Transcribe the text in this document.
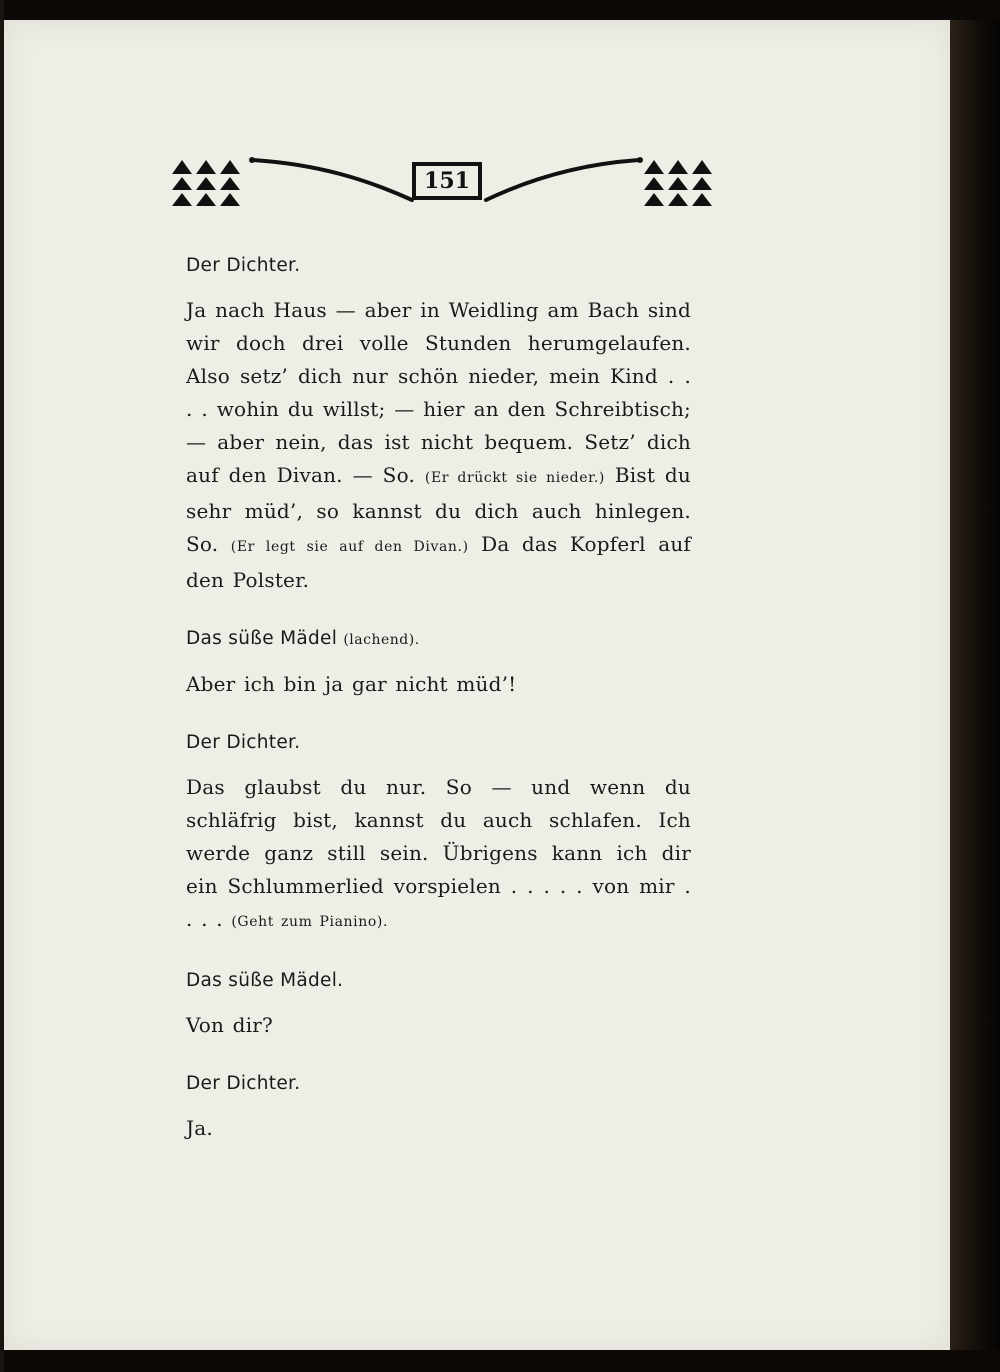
151

Der Dichter.

Ja nach Haus — aber in Weidling am Bach sind wir doch drei volle Stunden herumgelaufen. Also setz’ dich nur schön nieder, mein Kind . . . . wohin du willst; — hier an den Schreibtisch; — aber nein, das ist nicht bequem. Setz’ dich auf den Divan. — So. (Er drückt sie nieder.) Bist du sehr müd’, so kannst du dich auch hinlegen. So. (Er legt sie auf den Divan.) Da das Kopferl auf den Polster.

Das süße Mädel (lachend).

Aber ich bin ja gar nicht müd’!

Der Dichter.

Das glaubst du nur. So — und wenn du schläfrig bist, kannst du auch schlafen. Ich werde ganz still sein. Übrigens kann ich dir ein Schlummerlied vorspielen . . . . . von mir . . . . (Geht zum Pianino).

Das süße Mädel.

Von dir?

Der Dichter.

Ja.
